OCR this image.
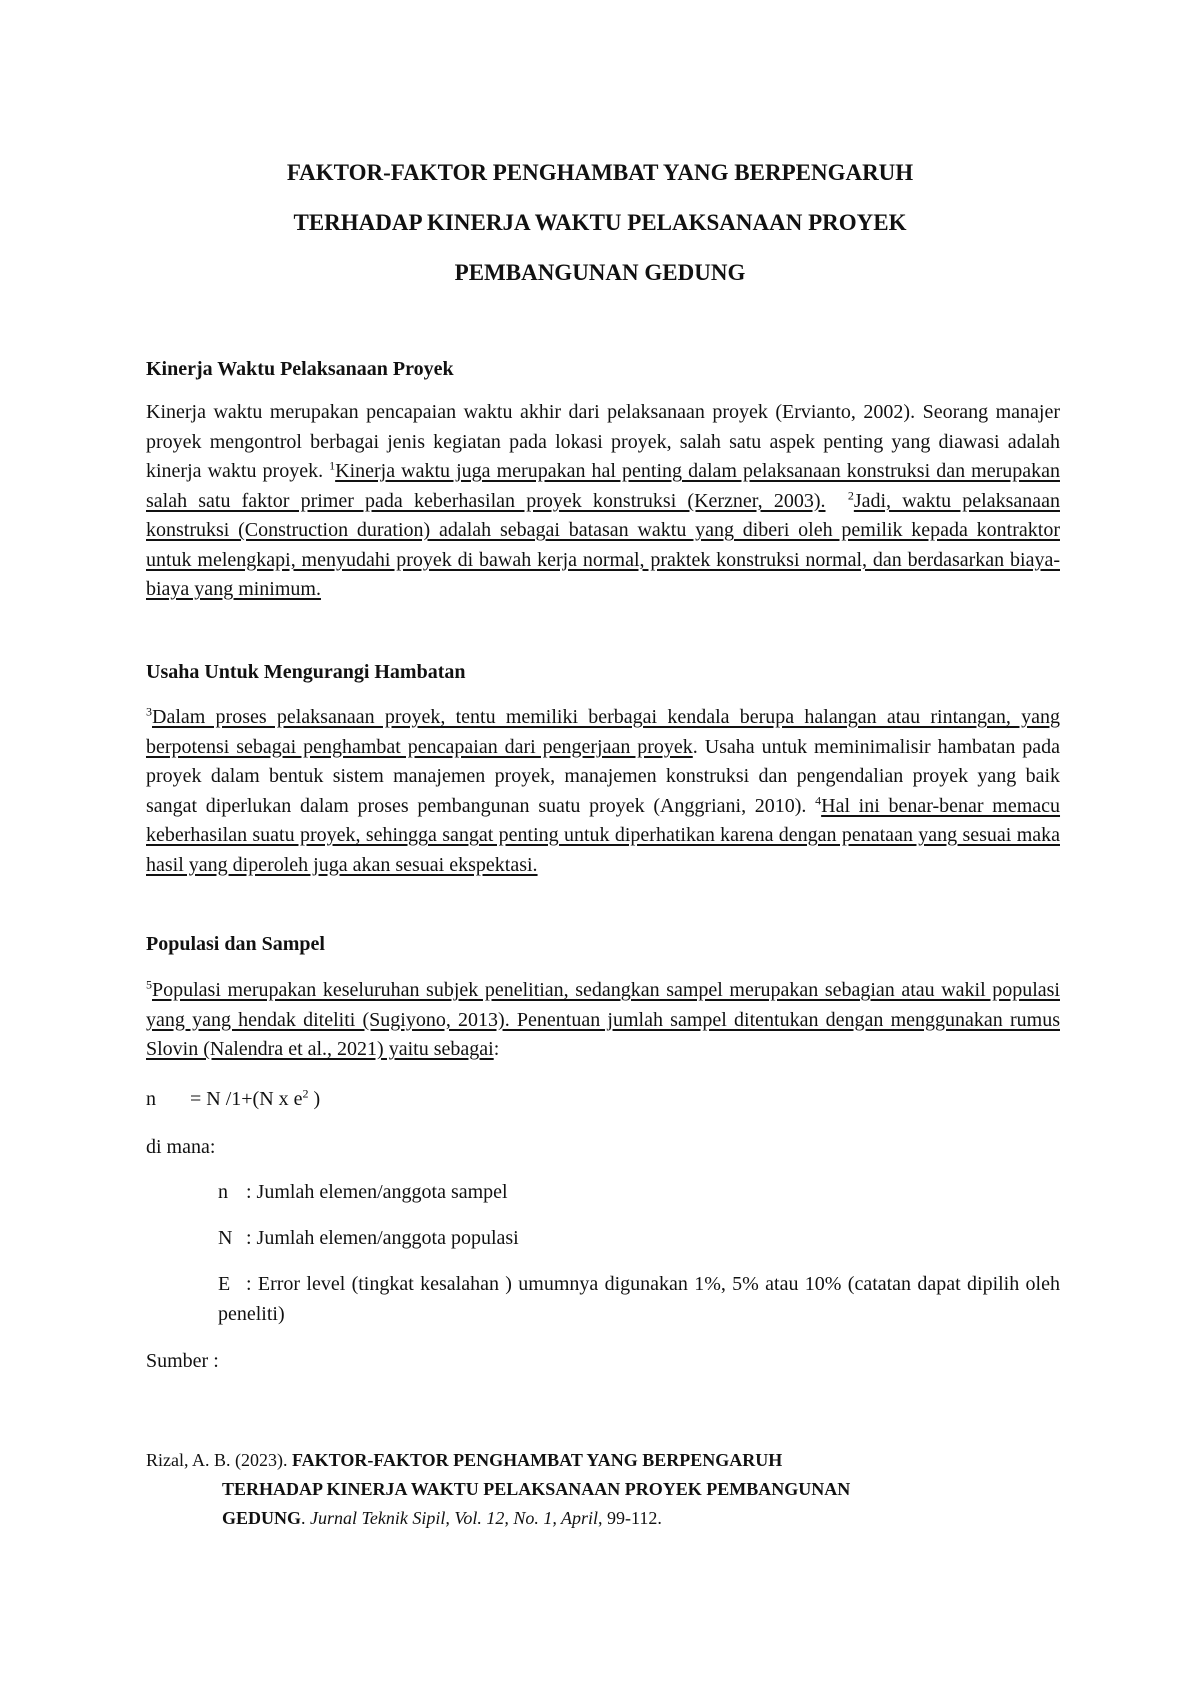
FAKTOR-FAKTOR PENGHAMBAT YANG BERPENGARUH
TERHADAP KINERJA WAKTU PELAKSANAAN PROYEK
PEMBANGUNAN GEDUNG
Kinerja Waktu Pelaksanaan Proyek
Kinerja waktu merupakan pencapaian waktu akhir dari pelaksanaan proyek (Ervianto, 2002). Seorang manajer proyek mengontrol berbagai jenis kegiatan pada lokasi proyek, salah satu aspek penting yang diawasi adalah kinerja waktu proyek. $^1$Kinerja waktu juga merupakan hal penting dalam pelaksanaan konstruksi dan merupakan salah satu faktor primer pada keberhasilan proyek konstruksi (Kerzner, 2003). $^2$Jadi, waktu pelaksanaan konstruksi (Construction duration) adalah sebagai batasan waktu yang diberi oleh pemilik kepada kontraktor untuk melengkapi, menyudahi proyek di bawah kerja normal, praktek konstruksi normal, dan berdasarkan biaya-biaya yang minimum.
Usaha Untuk Mengurangi Hambatan
$^3$Dalam proses pelaksanaan proyek, tentu memiliki berbagai kendala berupa halangan atau rintangan, yang berpotensi sebagai penghambat pencapaian dari pengerjaan proyek. Usaha untuk meminimalisir hambatan pada proyek dalam bentuk sistem manajemen proyek, manajemen konstruksi dan pengendalian proyek yang baik sangat diperlukan dalam proses pembangunan suatu proyek (Anggriani, 2010). $^4$Hal ini benar-benar memacu keberhasilan suatu proyek, sehingga sangat penting untuk diperhatikan karena dengan penataan yang sesuai maka hasil yang diperoleh juga akan sesuai ekspektasi.
Populasi dan Sampel
$^5$Populasi merupakan keseluruhan subjek penelitian, sedangkan sampel merupakan sebagian atau wakil populasi yang yang hendak diteliti (Sugiyono, 2013). Penentuan jumlah sampel ditentukan dengan menggunakan rumus Slovin (Nalendra et al., 2021) yaitu sebagai:
n = N /1+(N x $e^2$ )
di mana:
n : Jumlah elemen/anggota sampel
N : Jumlah elemen/anggota populasi
E : Error level (tingkat kesalahan ) umumnya digunakan 1%, 5% atau 10% (catatan dapat dipilih oleh peneliti)
Sumber :
Rizal, A. B. (2023). FAKTOR-FAKTOR PENGHAMBAT YANG BERPENGARUH
TERHADAP KINERJA WAKTU PELAKSANAAN PROYEK PEMBANGUNAN
GEDUNG. Jurnal Teknik Sipil, Vol. 12, No. 1, April, 99-112.
